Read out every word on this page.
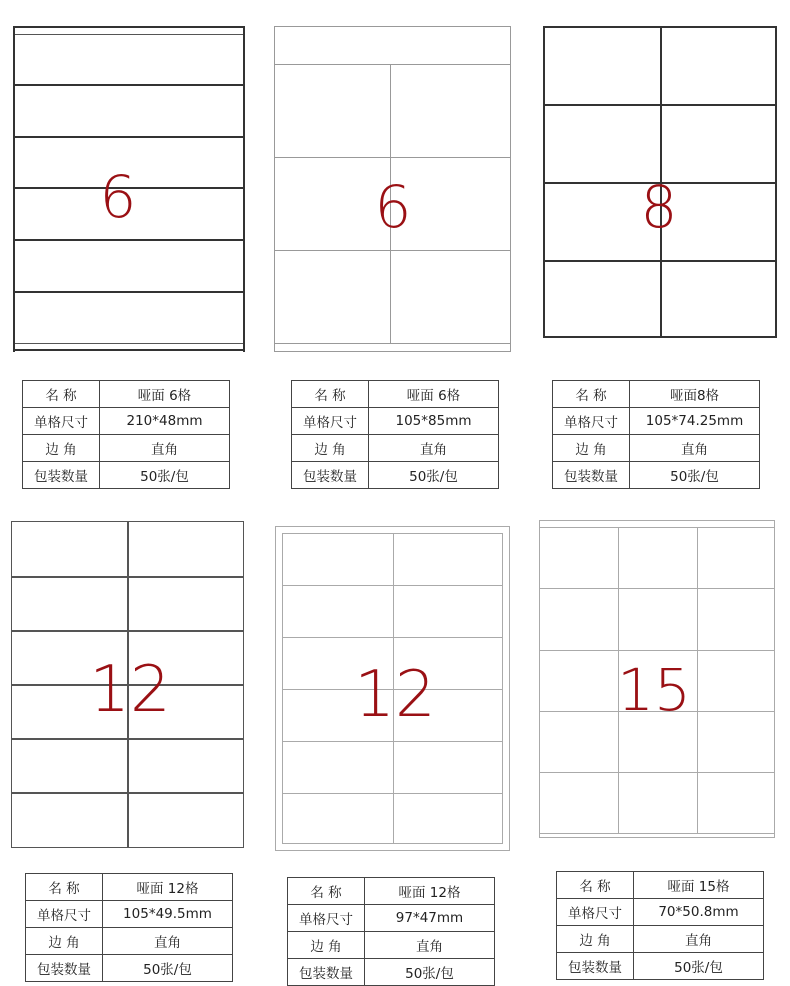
6
名 称	哑面 6格
单格尺寸	210*48mm
边 角	直角
包装数量	50张/包
6
名 称	哑面 6格
单格尺寸	105*85mm
边 角	直角
包装数量	50张/包
8
名 称	哑面8格
单格尺寸	105*74.25mm
边 角	直角
包装数量	50张/包
12
名 称	哑面 12格
单格尺寸	105*49.5mm
边 角	直角
包装数量	50张/包
12
名 称	哑面 12格
单格尺寸	97*47mm
边 角	直角
包装数量	50张/包
15
名 称	哑面 15格
单格尺寸	70*50.8mm
边 角	直角
包装数量	50张/包
